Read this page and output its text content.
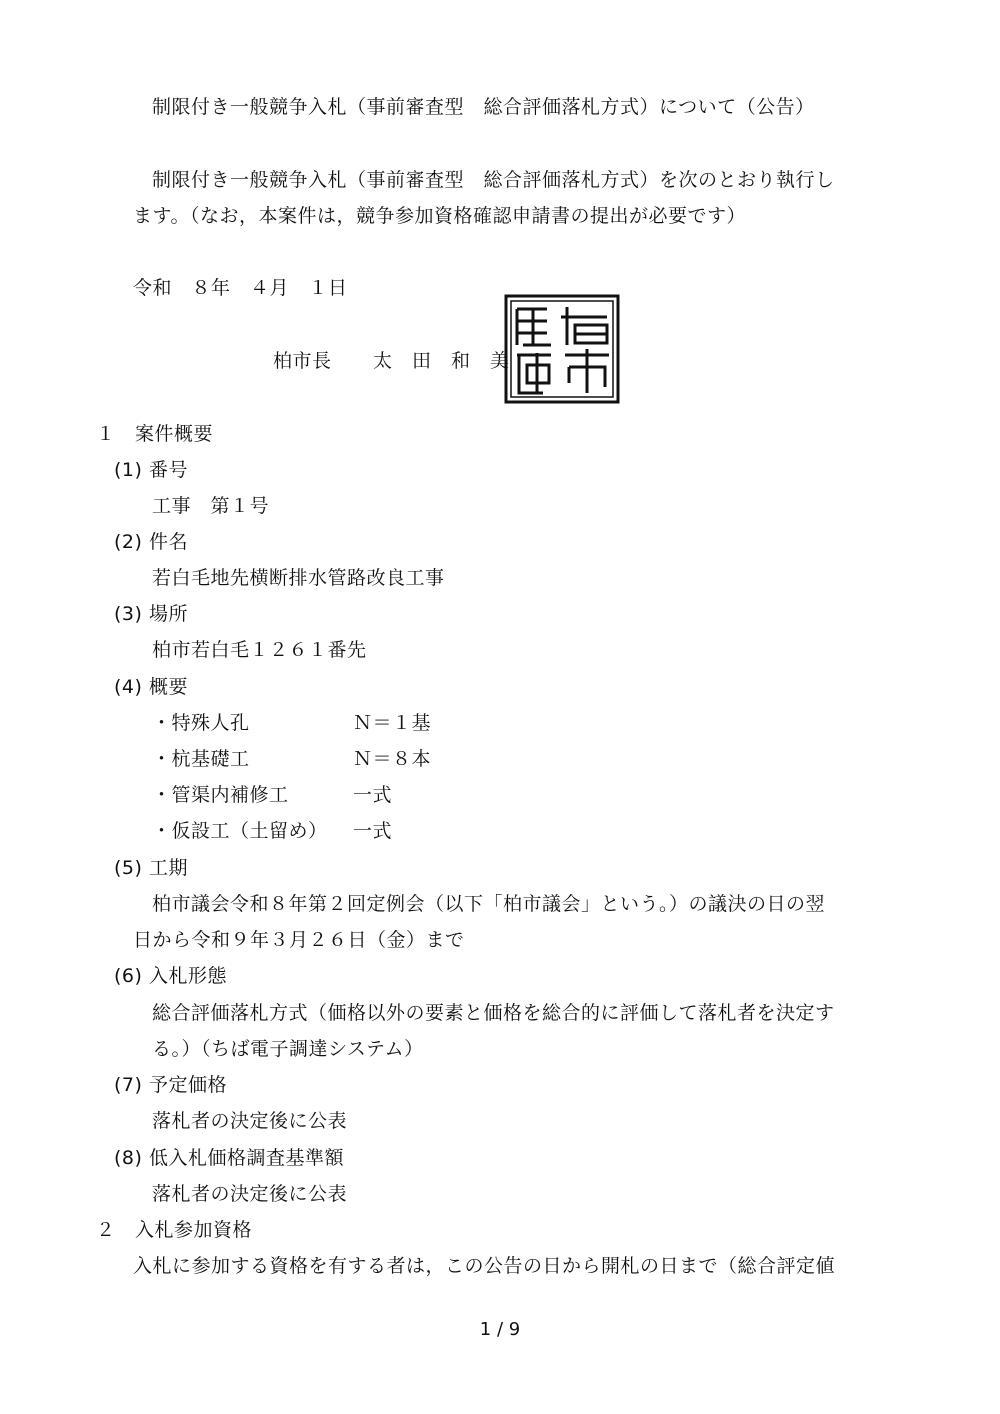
制限付き一般競争入札（事前審査型　総合評価落札方式）について（公告）
制限付き一般競争入札（事前審査型　総合評価落札方式）を次のとおり執行し
ます。（なお，本案件は，競争参加資格確認申請書の提出が必要です）
令和　８年　４月　１日
柏市長 太　田　和　美
１　案件概要
(1) 番号
工事　第１号
(2) 件名
若白毛地先横断排水管路改良工事
(3) 場所
柏市若白毛１２６１番先
(4) 概要
・特殊人孔	Ｎ＝１基
・杭基礎工	Ｎ＝８本
・管渠内補修工	一式
・仮設工（土留め） 一式
(5) 工期
柏市議会令和８年第２回定例会（以下「柏市議会」という。）の議決の日の翌
日から令和９年３月２６日（金）まで
(6) 入札形態
総合評価落札方式（価格以外の要素と価格を総合的に評価して落札者を決定す
る。）（ちば電子調達システム）
(7) 予定価格
落札者の決定後に公表
(8) 低入札価格調査基準額
落札者の決定後に公表
２　入札参加資格
入札に参加する資格を有する者は，この公告の日から開札の日まで（総合評定値
1 / 9
